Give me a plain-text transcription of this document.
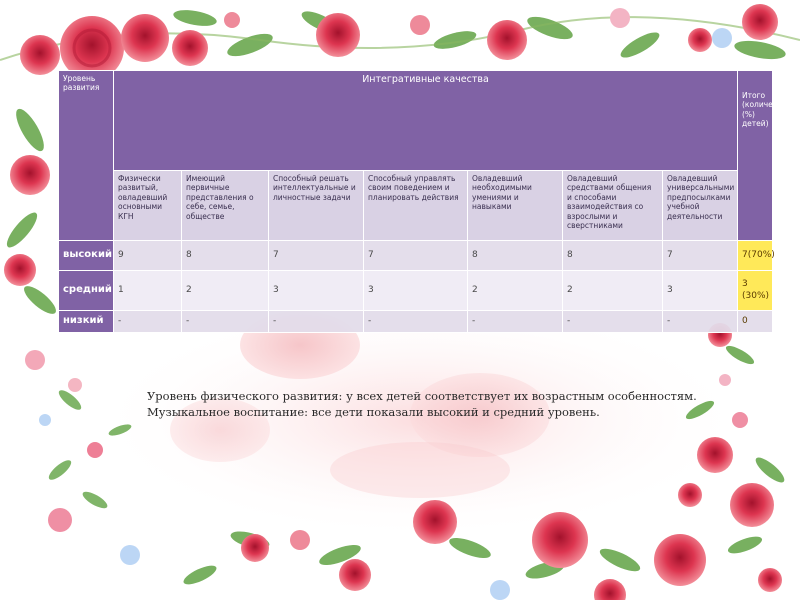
Уровень развития	Интегративные качества							Итого (количество (%) детей)
	Физически развитый, овладевший основными КГН	Имеющий первичные представления о себе, семье, обществе	Способный решать интеллектуальные и личностные задачи	Способный управлять своим поведением и планировать действия	Овладевший необходимыми умениями и навыками	Овладевший средствами общения и способами взаимодействия со взрослыми и сверстниками	Овладевший универсальными предпосылками учебной деятельности	
высокий	9	8	7	7	8	8	7	7(70%)
средний	1	2	3	3	2	2	3	3 (30%)
низкий	-	-	-	-	-	-	-	0
Уровень физического развития: у всех детей соответствует их возрастным особенностям.
Музыкальное воспитание: все дети показали высокий и средний уровень.
